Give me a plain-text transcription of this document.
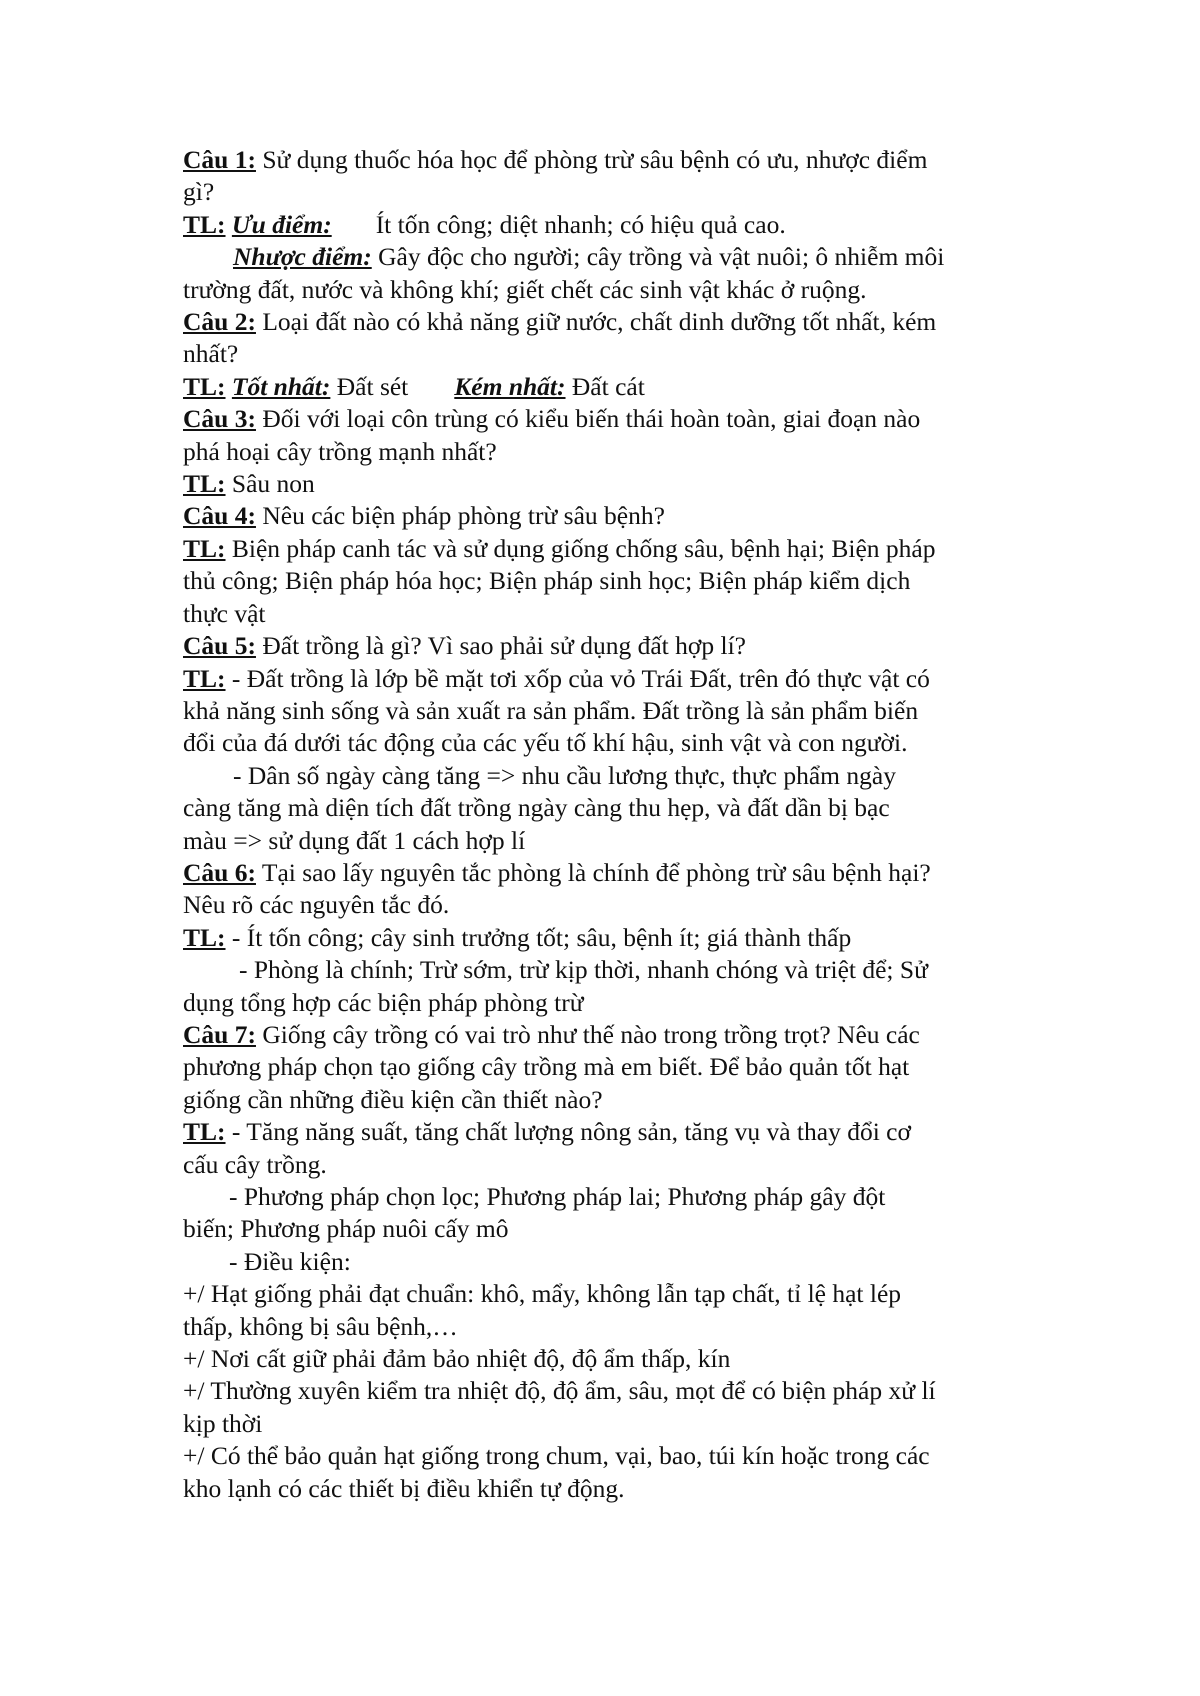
Câu 1: Sử dụng thuốc hóa học để phòng trừ sâu bệnh có ưu, nhược điểm
gì?
TL: Ưu điểm: Ít tốn công; diệt nhanh; có hiệu quả cao.
Nhược điểm: Gây độc cho người; cây trồng và vật nuôi; ô nhiễm môi
trường đất, nước và không khí; giết chết các sinh vật khác ở ruộng.
Câu 2: Loại đất nào có khả năng giữ nước, chất dinh dưỡng tốt nhất, kém
nhất?
TL: Tốt nhất: Đất sét Kém nhất: Đất cát
Câu 3: Đối với loại côn trùng có kiểu biến thái hoàn toàn, giai đoạn nào
phá hoại cây trồng mạnh nhất?
TL: Sâu non
Câu 4: Nêu các biện pháp phòng trừ sâu bệnh?
TL: Biện pháp canh tác và sử dụng giống chống sâu, bệnh hại; Biện pháp
thủ công; Biện pháp hóa học; Biện pháp sinh học; Biện pháp kiểm dịch
thực vật
Câu 5: Đất trồng là gì? Vì sao phải sử dụng đất hợp lí?
TL: - Đất trồng là lớp bề mặt tơi xốp của vỏ Trái Đất, trên đó thực vật có
khả năng sinh sống và sản xuất ra sản phẩm. Đất trồng là sản phẩm biến
đổi của đá dưới tác động của các yếu tố khí hậu, sinh vật và con người.
- Dân số ngày càng tăng => nhu cầu lương thực, thực phẩm ngày
càng tăng mà diện tích đất trồng ngày càng thu hẹp, và đất dần bị bạc
màu => sử dụng đất 1 cách hợp lí
Câu 6: Tại sao lấy nguyên tắc phòng là chính để phòng trừ sâu bệnh hại?
Nêu rõ các nguyên tắc đó.
TL: - Ít tốn công; cây sinh trưởng tốt; sâu, bệnh ít; giá thành thấp
- Phòng là chính; Trừ sớm, trừ kịp thời, nhanh chóng và triệt để; Sử
dụng tổng hợp các biện pháp phòng trừ
Câu 7: Giống cây trồng có vai trò như thế nào trong trồng trọt? Nêu các
phương pháp chọn tạo giống cây trồng mà em biết. Để bảo quản tốt hạt
giống cần những điều kiện cần thiết nào?
TL: - Tăng năng suất, tăng chất lượng nông sản, tăng vụ và thay đổi cơ
cấu cây trồng.
- Phương pháp chọn lọc; Phương pháp lai; Phương pháp gây đột
biến; Phương pháp nuôi cấy mô
- Điều kiện:
+/ Hạt giống phải đạt chuẩn: khô, mẩy, không lẫn tạp chất, tỉ lệ hạt lép
thấp, không bị sâu bệnh,…
+/ Nơi cất giữ phải đảm bảo nhiệt độ, độ ẩm thấp, kín
+/ Thường xuyên kiểm tra nhiệt độ, độ ẩm, sâu, mọt để có biện pháp xử lí
kịp thời
+/ Có thể bảo quản hạt giống trong chum, vại, bao, túi kín hoặc trong các
kho lạnh có các thiết bị điều khiển tự động.
